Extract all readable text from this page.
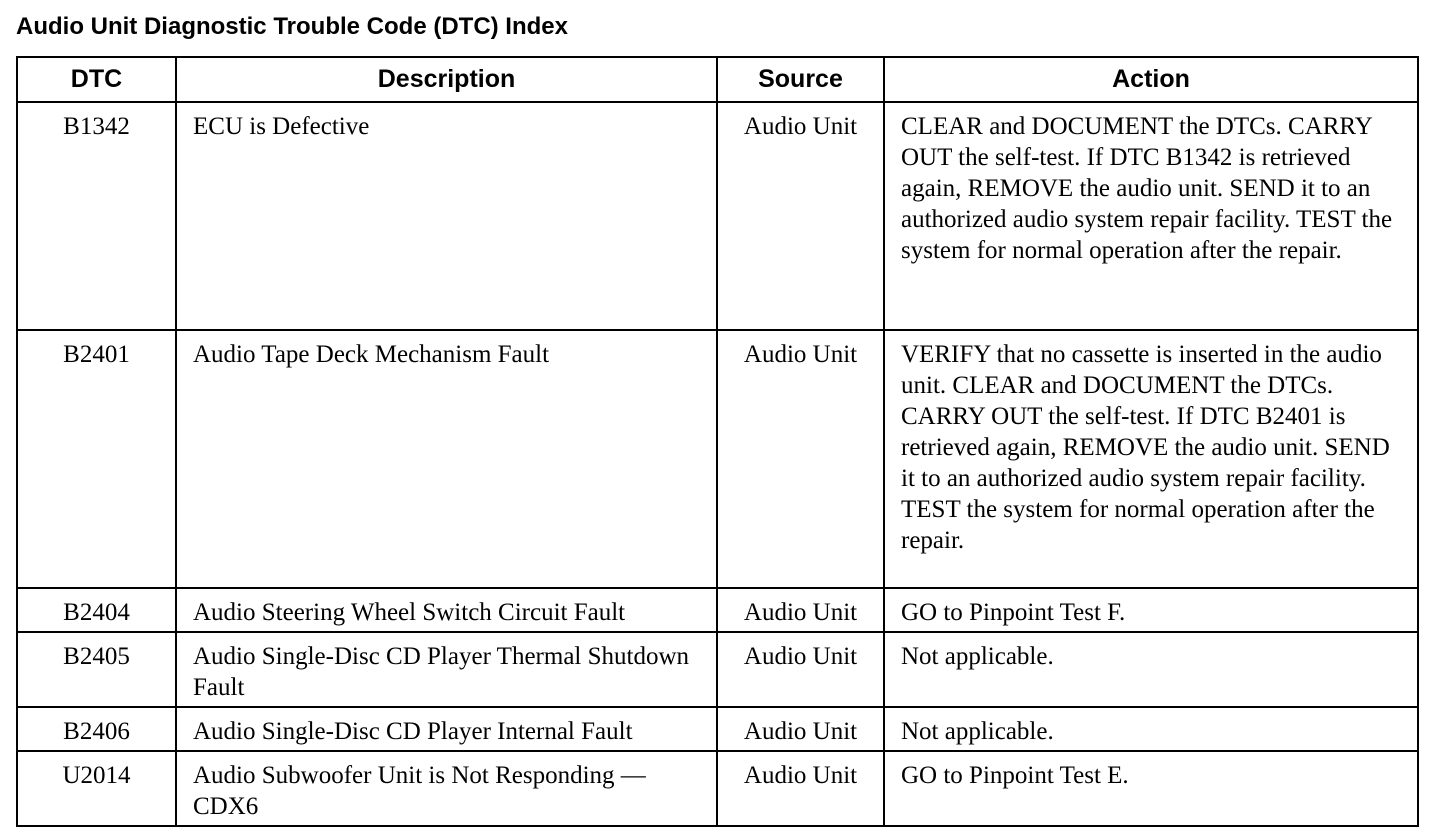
Audio Unit Diagnostic Trouble Code (DTC) Index
DTC	Description	Source	Action
B1342	ECU is Defective	Audio Unit	CLEAR and DOCUMENT the DTCs. CARRY OUT the self-test. If DTC B1342 is retrieved again, REMOVE the audio unit. SEND it to an authorized audio system repair facility. TEST the system for normal operation after the repair.
B2401	Audio Tape Deck Mechanism Fault	Audio Unit	VERIFY that no cassette is inserted in the audio unit. CLEAR and DOCUMENT the DTCs. CARRY OUT the self-test. If DTC B2401 is retrieved again, REMOVE the audio unit. SEND it to an authorized audio system repair facility. TEST the system for normal operation after the repair.
B2404	Audio Steering Wheel Switch Circuit Fault	Audio Unit	GO to Pinpoint Test F.
B2405	Audio Single-Disc CD Player Thermal Shutdown Fault	Audio Unit	Not applicable.
B2406	Audio Single-Disc CD Player Internal Fault	Audio Unit	Not applicable.
U2014	Audio Subwoofer Unit is Not Responding — CDX6	Audio Unit	GO to Pinpoint Test E.
